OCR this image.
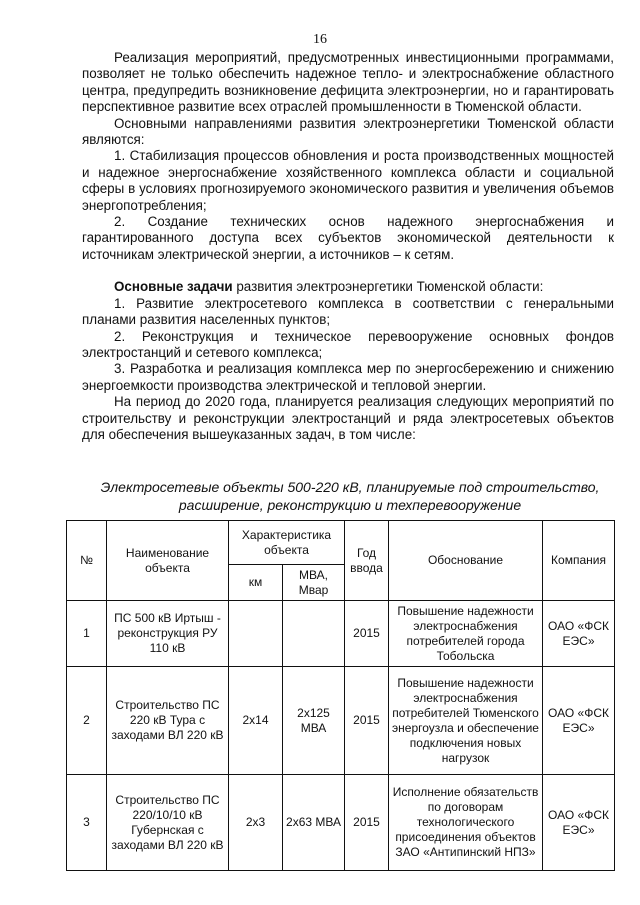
16

Реализация мероприятий, предусмотренных инвестиционными программами, позволяет не только обеспечить надежное тепло- и электроснабжение областного центра, предупредить возникновение дефицита электроэнергии, но и гарантировать перспективное развитие всех отраслей промышленности в Тюменской области.

Основными направлениями развития электроэнергетики Тюменской области являются:

1. Стабилизация процессов обновления и роста производственных мощностей и надежное энергоснабжение хозяйственного комплекса области и социальной сферы в условиях прогнозируемого экономического развития и увеличения объемов энергопотребления;

2. Создание технических основ надежного энергоснабжения и гарантированного доступа всех субъектов экономической деятельности к источникам электрической энергии, а источников – к сетям.

Основные задачи развития электроэнергетики Тюменской области:

1. Развитие электросетевого комплекса в соответствии с генеральными планами развития населенных пунктов;

2. Реконструкция и техническое перевооружение основных фондов электростанций и сетевого комплекса;

3. Разработка и реализация комплекса мер по энергосбережению и снижению энергоемкости производства электрической и тепловой энергии.

На период до 2020 года, планируется реализация следующих мероприятий по строительству и реконструкции электростанций и ряда электросетевых объектов для обеспечения вышеуказанных задач, в том числе:

Электросетевые объекты 500-220 кВ, планируемые под строительство,
расширение, реконструкцию и техперевооружение
№	Наименование объекта	Характеристика объекта		Год ввода	Обоснование	Компания
		км	МВА, Мвар			
1	ПС 500 кВ Иртыш - реконструкция РУ 110 кВ			2015	Повышение надежности электроснабжения потребителей города Тобольска	ОАО «ФСК ЕЭС»
2	Строительство ПС 220 кВ Тура с заходами ВЛ 220 кВ	2х14	2х125 МВА	2015	Повышение надежности электроснабжения потребителей Тюменского энергоузла и обеспечение подключения новых нагрузок	ОАО «ФСК ЕЭС»
3	Строительство ПС 220/10/10 кВ Губернская с заходами ВЛ 220 кВ	2х3	2х63 МВА	2015	Исполнение обязательств по договорам технологического присоединения объектов ЗАО «Антипинский НПЗ»	ОАО «ФСК ЕЭС»
